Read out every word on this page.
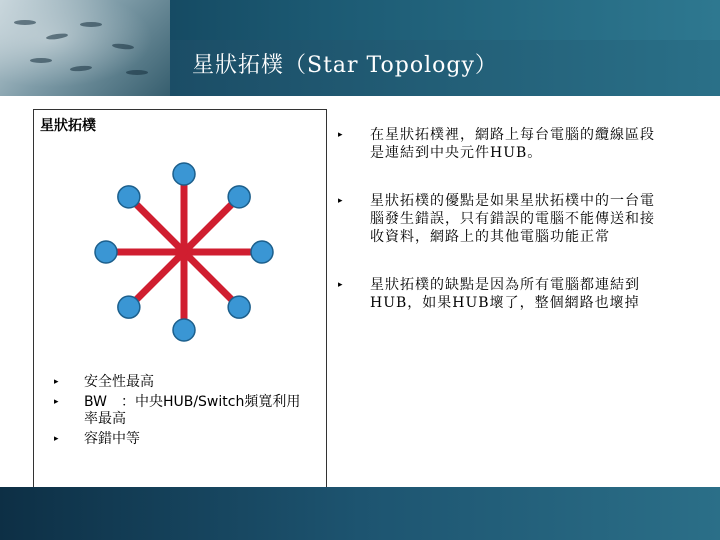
星狀拓樸（Star Topology）
星狀拓樸
▸ 安全性最高
▸ BW　：中央HUB/Switch頻寬利用率最高
▸ 容錯中等
▸ 在星狀拓樸裡，網路上每台電腦的纜線區段是連結到中央元件HUB。
▸ 星狀拓樸的優點是如果星狀拓樸中的一台電腦發生錯誤，只有錯誤的電腦不能傳送和接收資料，網路上的其他電腦功能正常
▸ 星狀拓樸的缺點是因為所有電腦都連結到HUB，如果HUB壞了，整個網路也壞掉
